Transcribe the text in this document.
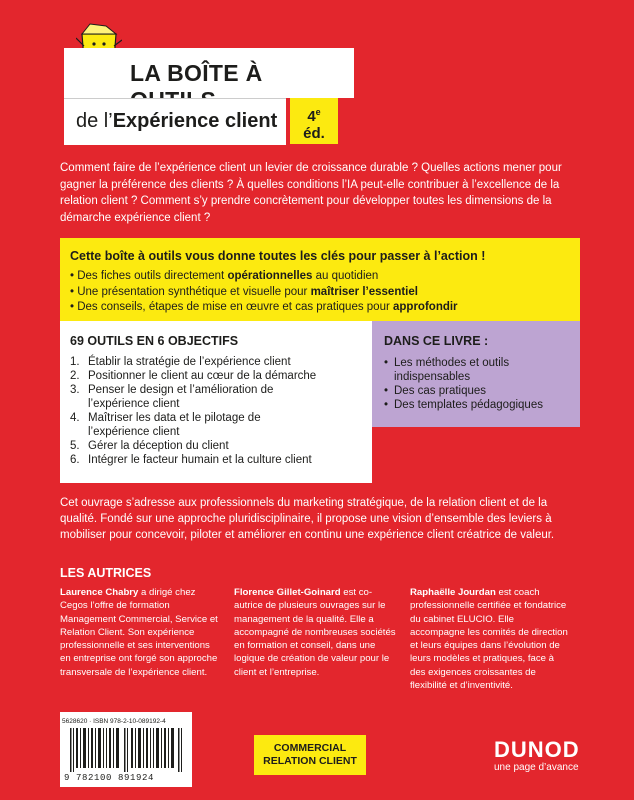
LA BOÎTE À
de l’Expérience client	4e
éd.
Comment faire de l’expérience client un levier de croissance durable ? Quelles actions mener pour gagner la préférence des clients ? À quelles conditions l’IA peut-elle contribuer à l’excellence de la relation client ? Comment s’y prendre concrètement pour développer toutes les dimensions de la démarche expérience client ?
Cette boîte à outils vous donne toutes les clés pour passer à l’action !
• Des fiches outils directement opérationnelles au quotidien
• Une présentation synthétique et visuelle pour maîtriser l’essentiel
• Des conseils, étapes de mise en œuvre et cas pratiques pour approfondir
69 OUTILS EN 6 OBJECTIFS
1. Établir la stratégie de l’expérience client
2. Positionner le client au cœur de la démarche
3. Penser le design et l’amélioration de l’expérience client
4. Maîtriser les data et le pilotage de l’expérience client
5. Gérer la déception du client
6. Intégrer le facteur humain et la culture client
DANS CE LIVRE :
• Les méthodes et outils indispensables
• Des cas pratiques
• Des templates pédagogiques
Cet ouvrage s’adresse aux professionnels du marketing stratégique, de la relation client et de la qualité. Fondé sur une approche pluridisciplinaire, il propose une vision d’ensemble des leviers à mobiliser pour concevoir, piloter et améliorer en continu une expérience client créatrice de valeur.
LES AUTRICES
Laurence Chabry a dirigé chez Cegos l’offre de formation Management Commercial, Service et Relation Client. Son expérience professionnelle et ses interventions en entreprise ont forgé son approche transversale de l’expérience client.
Florence Gillet-Goinard est co-autrice de plusieurs ouvrages sur le management de la qualité. Elle a accompagné de nombreuses sociétés en formation et conseil, dans une logique de création de valeur pour le client et l’entreprise.
Raphaëlle Jourdan est coach professionnelle certifiée et fondatrice du cabinet ELUCIO. Elle accompagne les comités de direction et leurs équipes dans l’évolution de leurs modèles et pratiques, face à des exigences croissantes de flexibilité et d’inventivité.
5628620 · ISBN 978-2-10-089192-4
9 782100 891924
COMMERCIAL
RELATION CLIENT	DUNOD
une page d’avance
